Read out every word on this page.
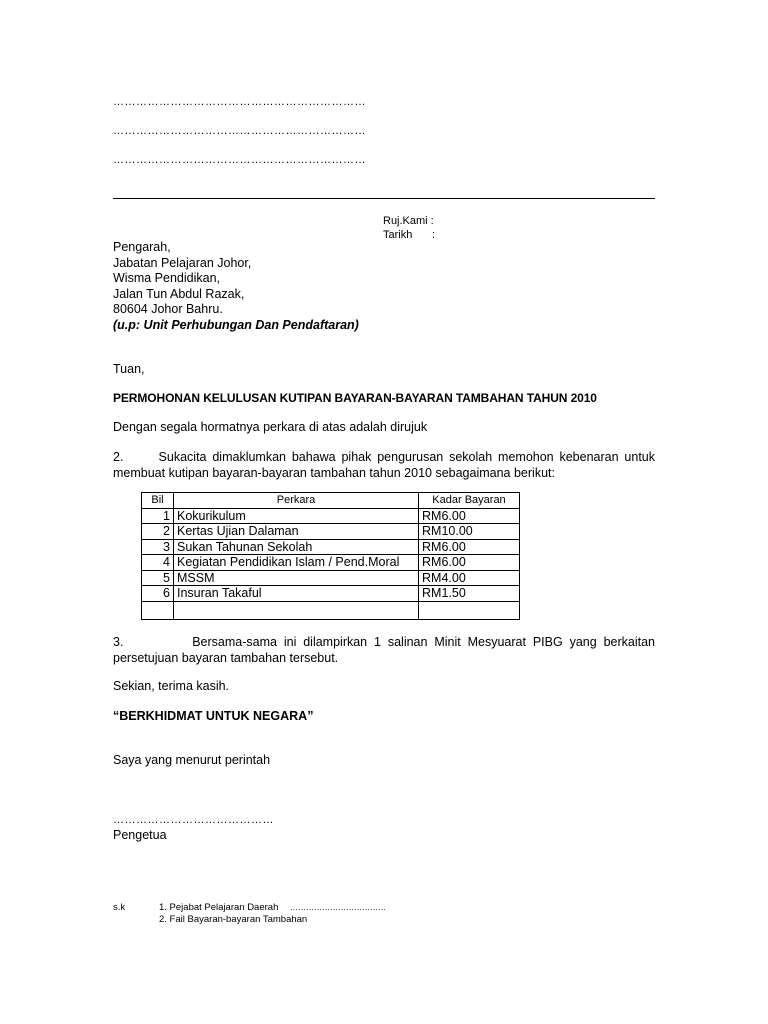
…………………………………………………………
…………………………………………………………
…………………………………………………………
Ruj.Kami :
Tarikh :
Pengarah,
Jabatan Pelajaran Johor,
Wisma Pendidikan,
Jalan Tun Abdul Razak,
80604 Johor Bahru.
(u.p: Unit Perhubungan Dan Pendaftaran)
Tuan,
PERMOHONAN KELULUSAN KUTIPAN BAYARAN-BAYARAN TAMBAHAN TAHUN 2010
Dengan segala hormatnya perkara di atas adalah dirujuk
2.      Sukacita dimaklumkan bahawa pihak pengurusan sekolah memohon kebenaran untuk membuat kutipan bayaran-bayaran tambahan tahun 2010 sebagaimana berikut:
Bil	Perkara	Kadar Bayaran
1	Kokurikulum	RM6.00
2	Kertas Ujian Dalaman	RM10.00
3	Sukan Tahunan Sekolah	RM6.00
4	Kegiatan Pendidikan Islam / Pend.Moral	RM6.00
5	MSSM	RM4.00
6	Insuran Takaful	RM1.50

3.          Bersama-sama ini dilampirkan 1 salinan Minit Mesyuarat PIBG yang berkaitan persetujuan bayaran tambahan tersebut.
Sekian, terima kasih.
“BERKHIDMAT UNTUK NEGARA”
Saya yang menurut perintah
……………………………………
Pengetua
s.k	1. Pejabat Pelajaran Daerah ………………………………
2. Fail Bayaran-bayaran Tambahan
